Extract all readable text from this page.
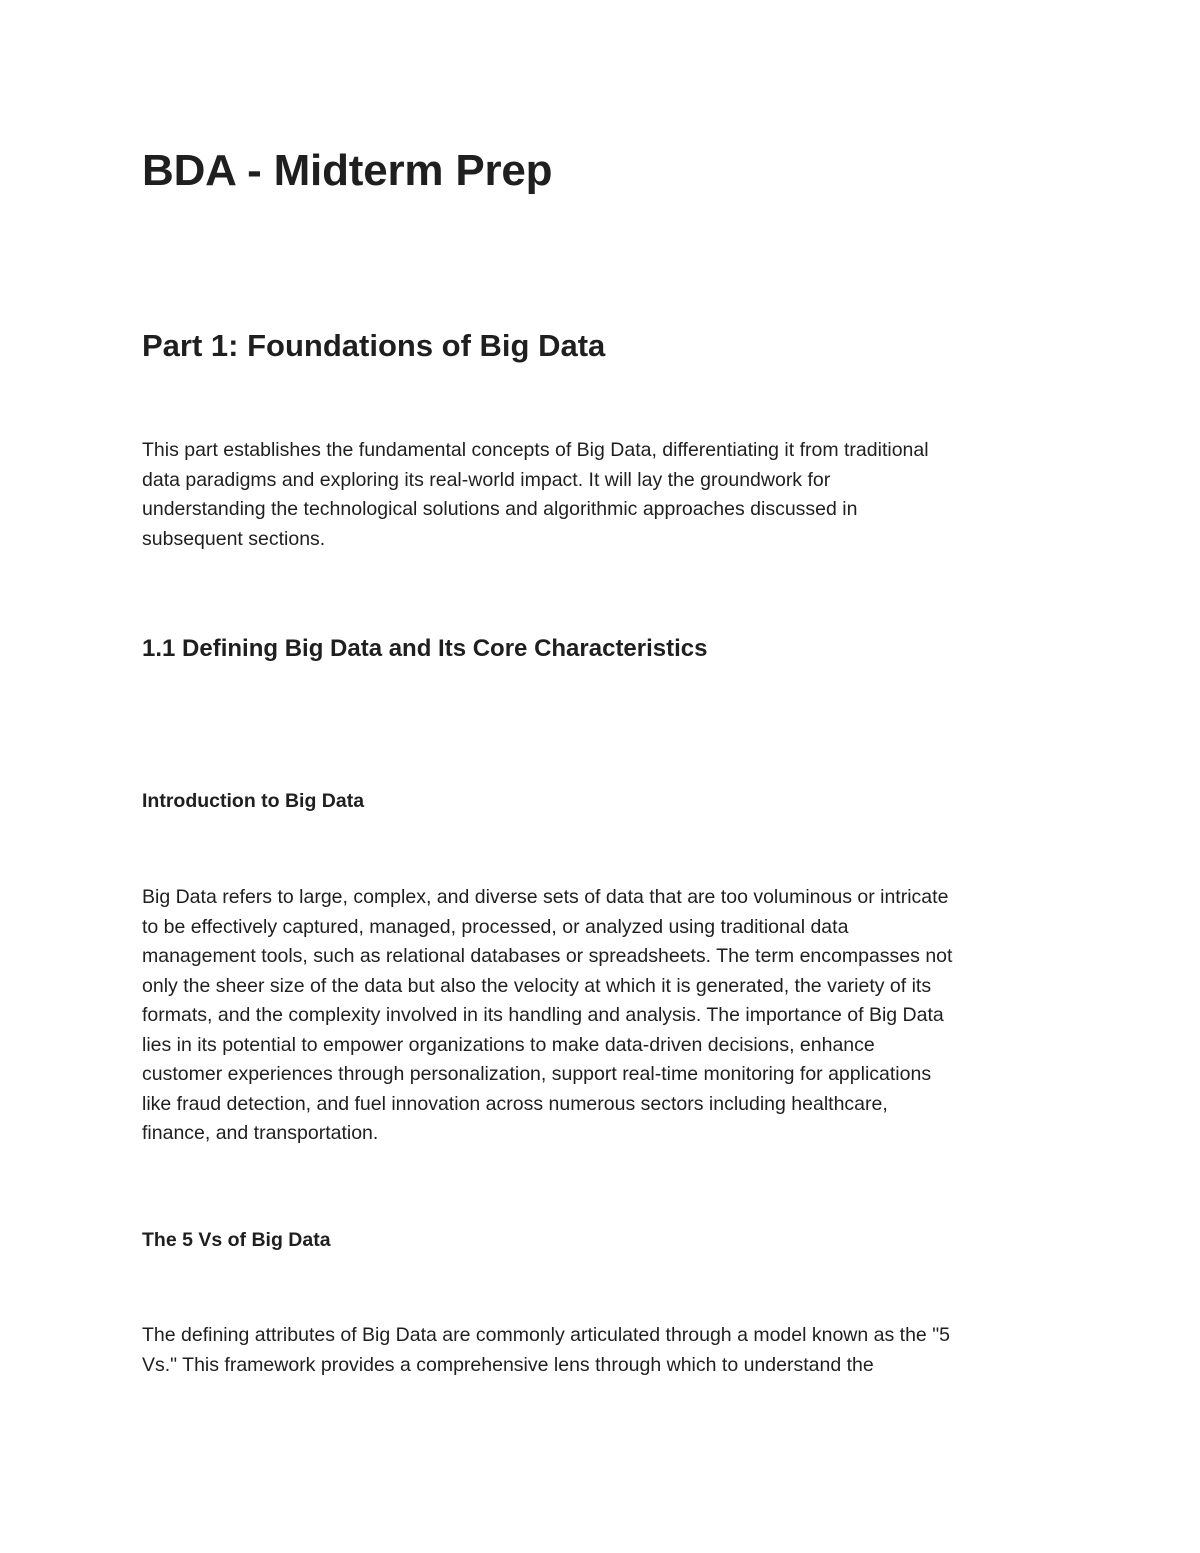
BDA - Midterm Prep
Part 1: Foundations of Big Data
This part establishes the fundamental concepts of Big Data, differentiating it from traditional
data paradigms and exploring its real-world impact. It will lay the groundwork for
understanding the technological solutions and algorithmic approaches discussed in
subsequent sections.
1.1 Defining Big Data and Its Core Characteristics
Introduction to Big Data
Big Data refers to large, complex, and diverse sets of data that are too voluminous or intricate
to be effectively captured, managed, processed, or analyzed using traditional data
management tools, such as relational databases or spreadsheets. The term encompasses not
only the sheer size of the data but also the velocity at which it is generated, the variety of its
formats, and the complexity involved in its handling and analysis. The importance of Big Data
lies in its potential to empower organizations to make data-driven decisions, enhance
customer experiences through personalization, support real-time monitoring for applications
like fraud detection, and fuel innovation across numerous sectors including healthcare,
finance, and transportation.
The 5 Vs of Big Data
The defining attributes of Big Data are commonly articulated through a model known as the "5
Vs." This framework provides a comprehensive lens through which to understand the
